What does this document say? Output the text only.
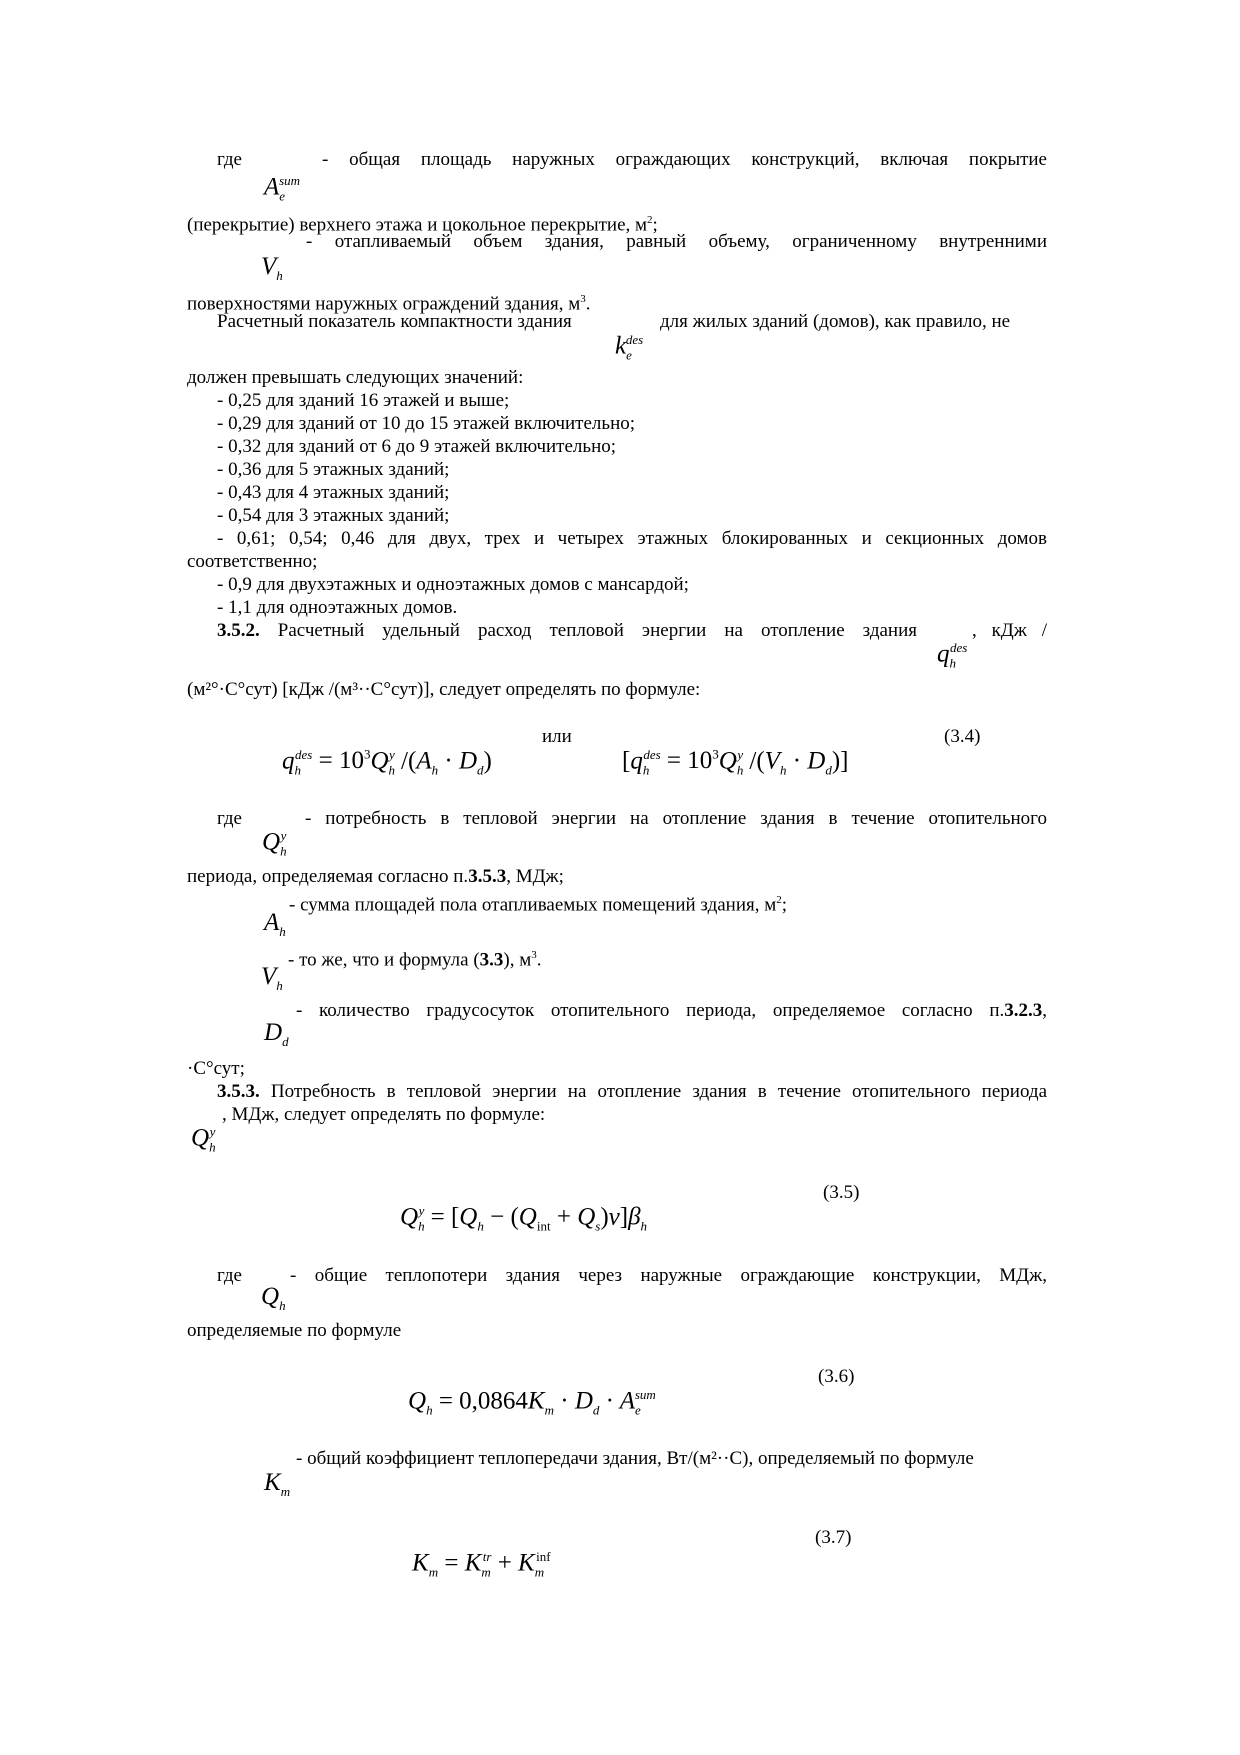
где	- общая площадь наружных ограждающих конструкций, включая покрытие
$A_e^{sum}$
(перекрытие) верхнего этажа и цокольное перекрытие, $м^2$;
- отапливаемый объем здания, равный объему, ограниченному внутренними
$V_h$
поверхностями наружных ограждений здания, $м^3$.
Расчетный показатель компактности здания	для жилых зданий (домов), как правило, не
$k_e^{des}$
должен превышать следующих значений:
- 0,25 для зданий 16 этажей и выше;
- 0,29 для зданий от 10 до 15 этажей включительно;
- 0,32 для зданий от 6 до 9 этажей включительно;
- 0,36 для 5 этажных зданий;
- 0,43 для 4 этажных зданий;
- 0,54 для 3 этажных зданий;
- 0,61; 0,54; 0,46 для двух, трех и четырех этажных блокированных и секционных домов
соответственно;
- 0,9 для двухэтажных и одноэтажных домов с мансардой;
- 1,1 для одноэтажных домов.
3.5.2. Расчетный удельный расход тепловой энергии на отопление здания	, кДж /
$q_h^{des}$
(м²°·С°сут) [кДж /(м³··С°сут)], следует определять по формуле:
или	(3.4)
$q_h^{des} = 10^3Q_h^y$ $/(A_h \cdot D_d)$	[$q_h^{des} = 10^3Q_h^y$ $/(V_h \cdot D_d)$]
где	- потребность в тепловой энергии на отопление здания в течение отопительного
$Q_h^y$
периода, определяемая согласно п.3.5.3, МДж;
- сумма площадей пола отапливаемых помещений здания, $м^2$;
$A_h$
- то же, что и формула (3.3), $м^3$.
$V_h$
- количество градусосуток отопительного периода, определяемое согласно п.3.2.3,
$D_d$
·С°сут;
3.5.3. Потребность в тепловой энергии на отопление здания в течение отопительного периода
, МДж, следует определять по формуле:
$Q_h^y$
(3.5)
$Q_h^y = [Q_h - (Q_{int} + Q_s)v]\beta_h$
где	- общие теплопотери здания через наружные ограждающие конструкции, МДж,
$Q_h$
определяемые по формуле
(3.6)
$Q_h = 0,0864K_m \cdot D_d \cdot A_e^{sum}$
- общий коэффициент теплопередачи здания, Вт/(м²··С), определяемый по формуле
$K_m$
(3.7)
$K_m = K_m^{tr} + K_m^{inf}$
